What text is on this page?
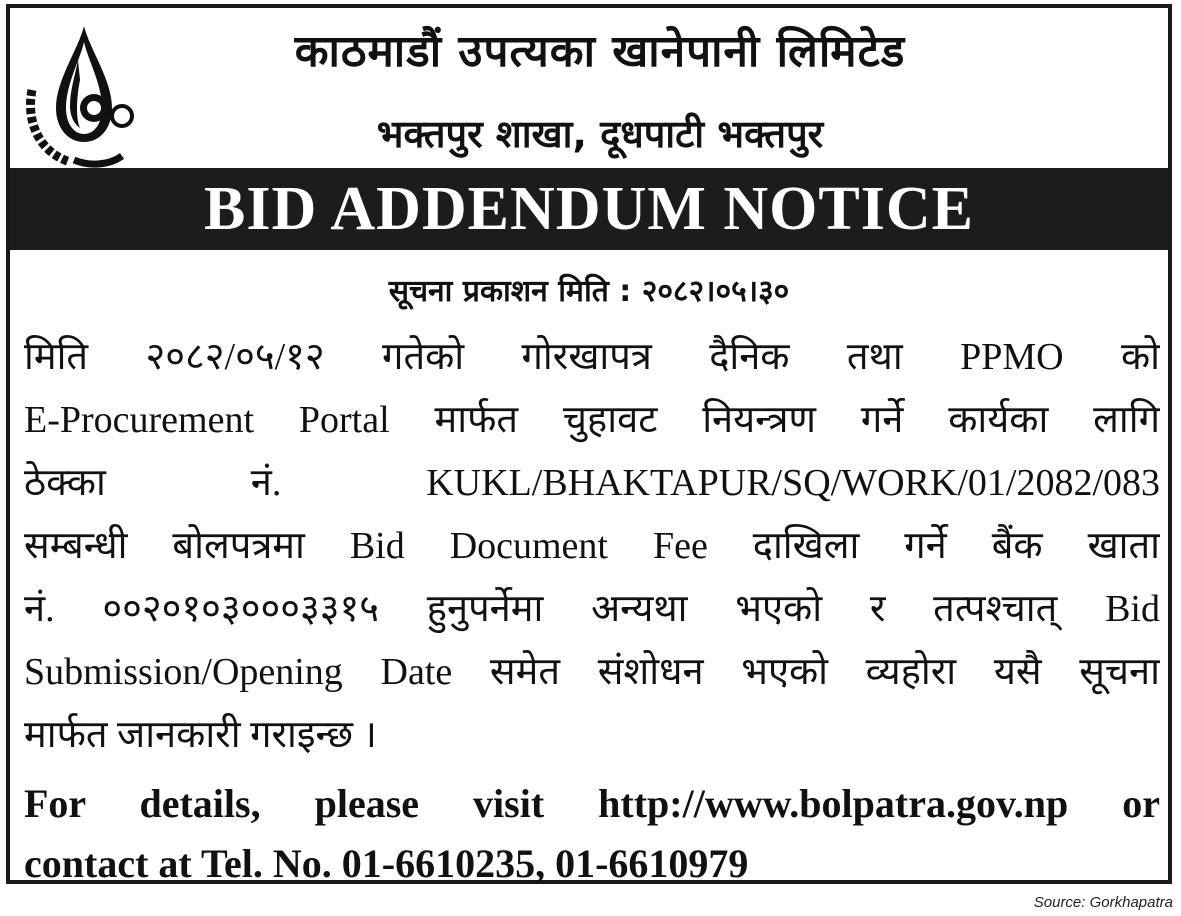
काठमाडौं उपत्यका खानेपानी लिमिटेड
भक्तपुर शाखा, दूधपाटी भक्तपुर
BID ADDENDUM NOTICE
सूचना प्रकाशन मिति : २०८२।०५।३०
मिति २०८२/०५/१२ गतेको गोरखापत्र दैनिक तथा PPMO को
E-Procurement Portal मार्फत चुहावट नियन्त्रण गर्ने कार्यका लागि
ठेक्का नं. KUKL/BHAKTAPUR/SQ/WORK/01/2082/083
सम्बन्धी बोलपत्रमा Bid Document Fee दाखिला गर्ने बैंक खाता
नं. ००२०१०३०००३३१५ हुनुपर्नेमा अन्यथा भएको र तत्पश्चात् Bid
Submission/Opening Date समेत संशोधन भएको व्यहोरा यसै सूचना
मार्फत जानकारी गराइन्छ ।
For details, please visit http://www.bolpatra.gov.np or
contact at Tel. No. 01-6610235, 01-6610979
Source: Gorkhapatra
